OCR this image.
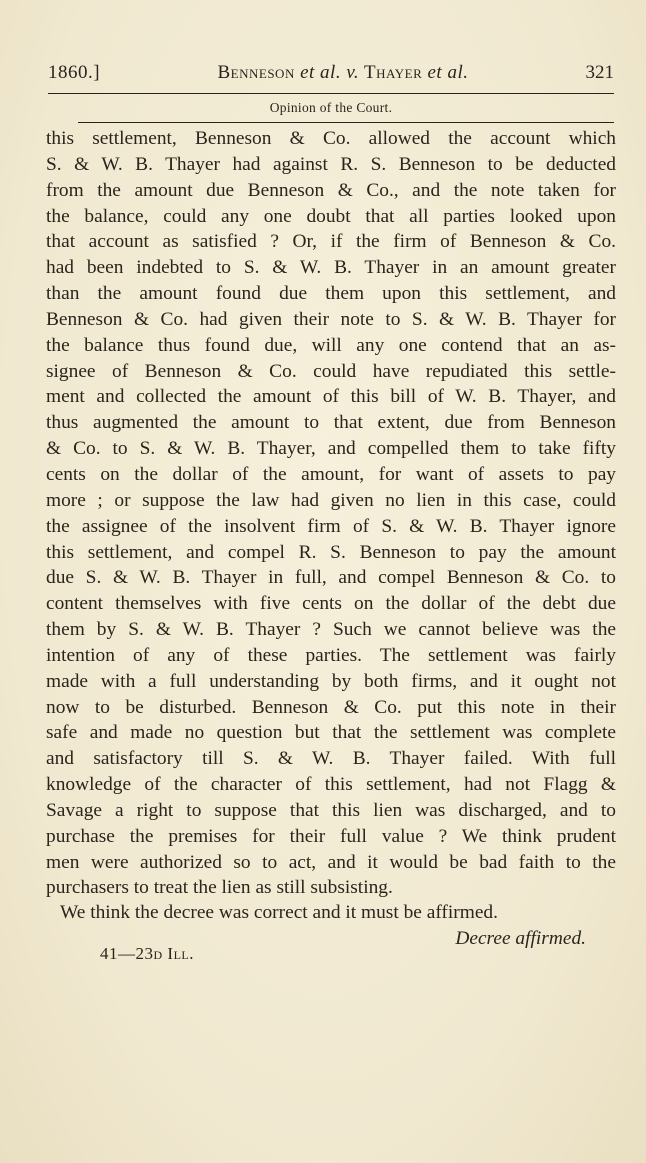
1860.]	Benneson et al. v. Thayer et al.	321
Opinion of the Court.
this settlement, Benneson & Co. allowed the account which
S. & W. B. Thayer had against R. S. Benneson to be deducted
from the amount due Benneson & Co., and the note taken for
the balance, could any one doubt that all parties looked upon
that account as satisfied ? Or, if the firm of Benneson & Co.
had been indebted to S. & W. B. Thayer in an amount greater
than the amount found due them upon this settlement, and
Benneson & Co. had given their note to S. & W. B. Thayer for
the balance thus found due, will any one contend that an as-
signee of Benneson & Co. could have repudiated this settle-
ment and collected the amount of this bill of W. B. Thayer, and
thus augmented the amount to that extent, due from Benneson
& Co. to S. & W. B. Thayer, and compelled them to take fifty
cents on the dollar of the amount, for want of assets to pay
more ; or suppose the law had given no lien in this case, could
the assignee of the insolvent firm of S. & W. B. Thayer ignore
this settlement, and compel R. S. Benneson to pay the amount
due S. & W. B. Thayer in full, and compel Benneson & Co. to
content themselves with five cents on the dollar of the debt due
them by S. & W. B. Thayer ? Such we cannot believe was the
intention of any of these parties. The settlement was fairly
made with a full understanding by both firms, and it ought not
now to be disturbed. Benneson & Co. put this note in their
safe and made no question but that the settlement was complete
and satisfactory till S. & W. B. Thayer failed. With full
knowledge of the character of this settlement, had not Flagg &
Savage a right to suppose that this lien was discharged, and to
purchase the premises for their full value ? We think prudent
men were authorized so to act, and it would be bad faith to the
purchasers to treat the lien as still subsisting.
We think the decree was correct and it must be affirmed.
Decree affirmed.
41—23d Ill.
